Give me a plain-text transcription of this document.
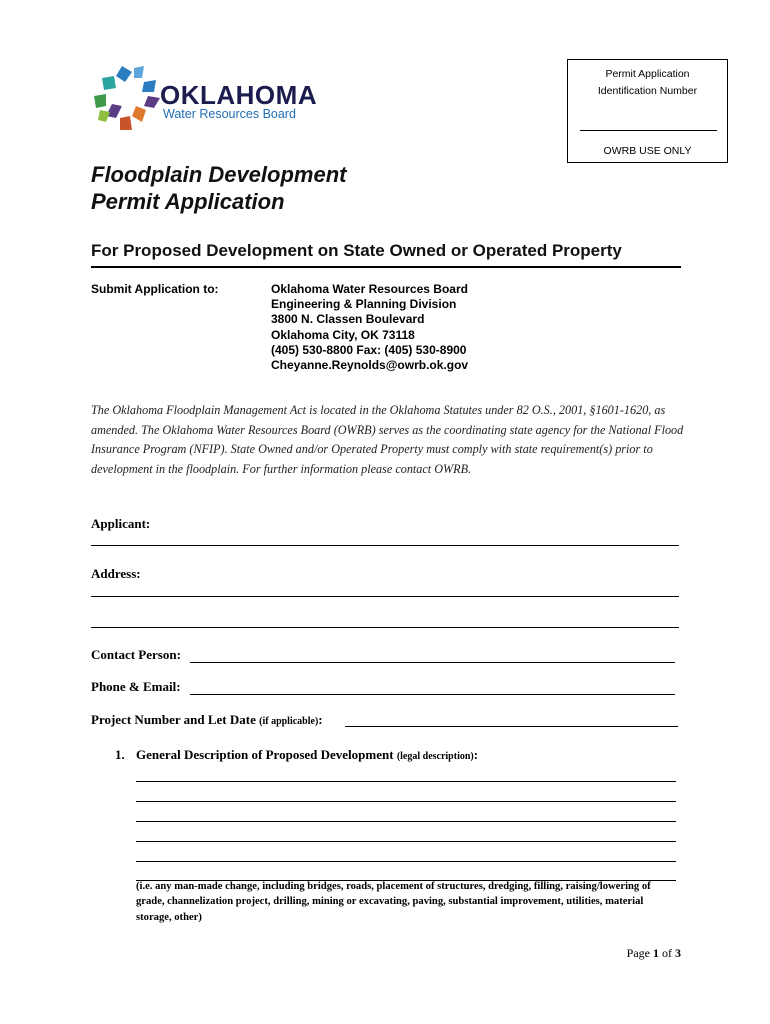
OKLAHOMA
Water Resources Board
Permit Application
Identification Number
OWRB USE ONLY
Floodplain Development
Permit Application
For Proposed Development on State Owned or Operated Property
Submit Application to:	Oklahoma Water Resources Board
Engineering & Planning Division
3800 N. Classen Boulevard
Oklahoma City, OK 73118
(405) 530-8800 Fax: (405) 530-8900
Cheyanne.Reynolds@owrb.ok.gov
The Oklahoma Floodplain Management Act is located in the Oklahoma Statutes under 82 O.S., 2001, §1601-1620, as amended. The Oklahoma Water Resources Board (OWRB) serves as the coordinating state agency for the National Flood Insurance Program (NFIP). State Owned and/or Operated Property must comply with state requirement(s) prior to development in the floodplain. For further information please contact OWRB.
Applicant:
Address:
Contact Person:
Phone & Email:
Project Number and Let Date (if applicable):
1. General Description of Proposed Development (legal description):
(i.e. any man-made change, including bridges, roads, placement of structures, dredging, filling, raising/lowering of grade, channelization project, drilling, mining or excavating, paving, substantial improvement, utilities, material storage, other)
Page 1 of 3
